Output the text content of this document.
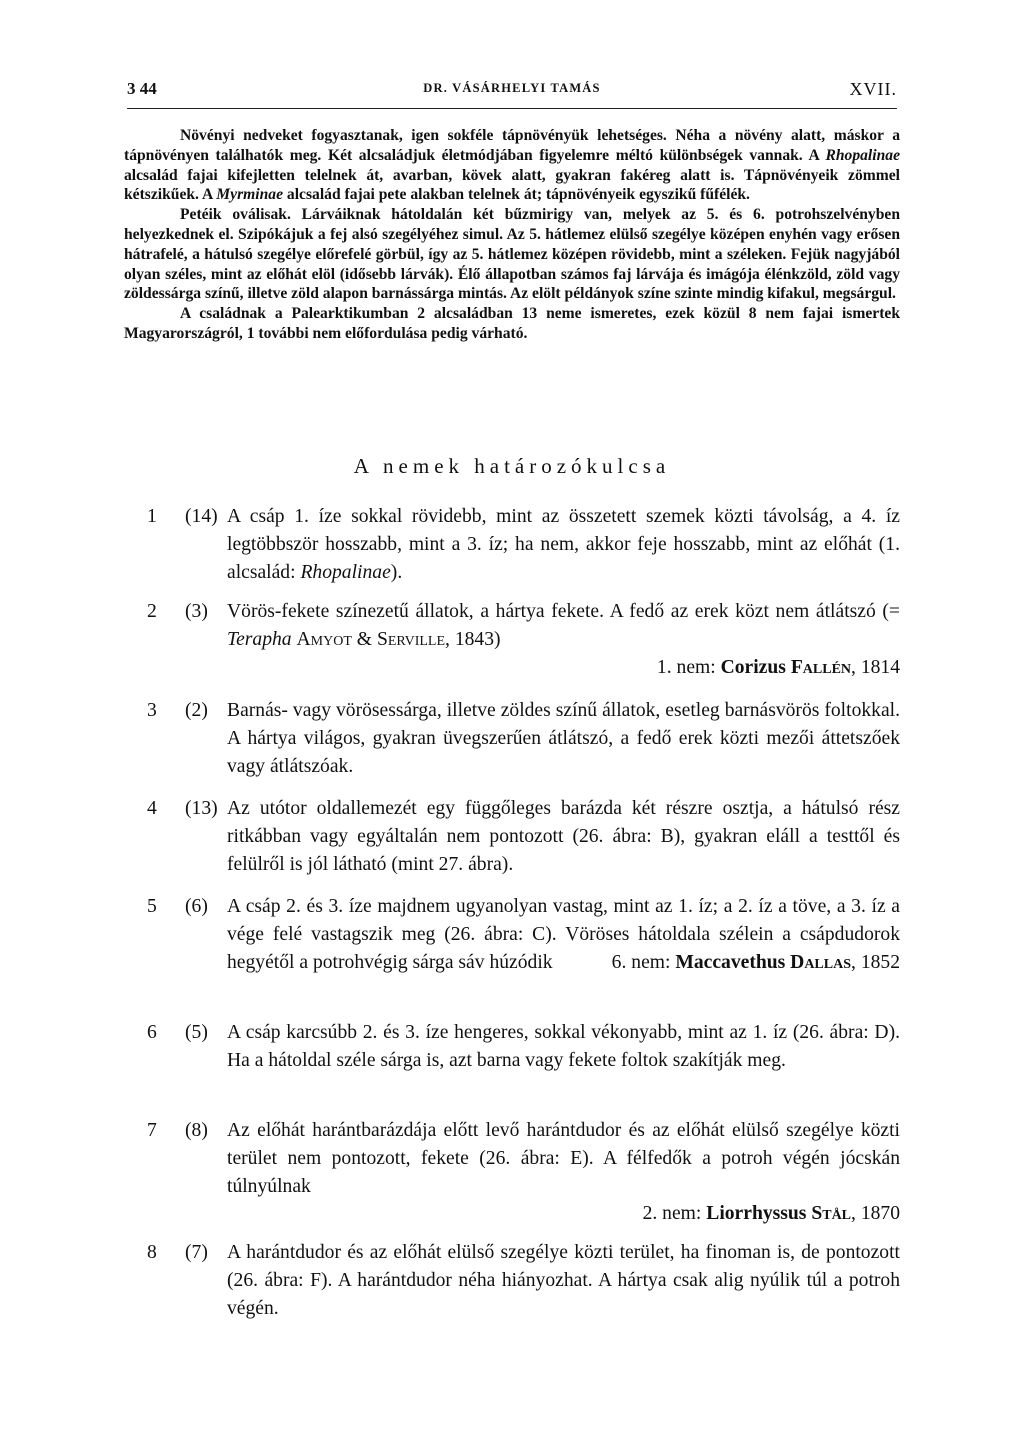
3 44	DR. VÁSÁRHELYI TAMÁS	XVII.

Növényi nedveket fogyasztanak, igen sokféle tápnövényük lehetséges. Néha a növény alatt, máskor a tápnövényen találhatók meg. Két alcsaládjuk életmódjában figyelemre méltó különbségek vannak. A Rhopalinae alcsalád fajai kifejletten telelnek át, avarban, kövek alatt, gyakran fakéreg alatt is. Tápnövényeik zömmel kétszikűek. A Myrminae alcsalád fajai pete alakban telelnek át; tápnövényeik egyszikű fűfélék.

Petéik oválisak. Lárváiknak hátoldalán két bűzmirigy van, melyek az 5. és 6. potrohszelvényben helyezkednek el. Szipókájuk a fej alsó szegélyéhez simul. Az 5. hátlemez elülső szegélye középen enyhén vagy erősen hátrafelé, a hátulsó szegélye előrefelé görbül, így az 5. hátlemez középen rövidebb, mint a széleken. Fejük nagyjából olyan széles, mint az előhát elöl (idősebb lárvák). Élő állapotban számos faj lárvája és imágója élénkzöld, zöld vagy zöldessárga színű, illetve zöld alapon barnássárga mintás. Az elölt példányok színe szinte mindig kifakul, megsárgul.

A családnak a Palearktikumban 2 alcsaládban 13 neme ismeretes, ezek közül 8 nem fajai ismertek Magyarországról, 1 további nem előfordulása pedig várható.

A nemek határozókulcsa
1 (14) A csáp 1. íze sokkal rövidebb, mint az összetett szemek közti távolság, a 4. íz legtöbbször hosszabb, mint a 3. íz; ha nem, akkor feje hosszabb, mint az előhát (1. alcsalád: Rhopalinae).
2 (3) Vörös-fekete színezetű állatok, a hártya fekete. A fedő az erek közt nem átlátszó (= Terapha Amyot & Serville, 1843)
1. nem: Corizus Fallén, 1814
3 (2) Barnás- vagy vörösessárga, illetve zöldes színű állatok, esetleg barnásvörös foltokkal. A hártya világos, gyakran üvegszerűen átlátszó, a fedő erek közti mezői áttetszőek vagy átlátszóak.
4 (13) Az utótor oldallemezét egy függőleges barázda két részre osztja, a hátulsó rész ritkábban vagy egyáltalán nem pontozott (26. ábra: B), gyakran eláll a testtől és felülről is jól látható (mint 27. ábra).
5 (6) A csáp 2. és 3. íze majdnem ugyanolyan vastag, mint az 1. íz; a 2. íz a töve, a 3. íz a vége felé vastagszik meg (26. ábra: C). Vöröses hátoldala szélein a csápdudorok hegyétől a potrohvégig sárga sáv húzódik	6. nem: Maccavethus Dallas, 1852
6 (5) A csáp karcsúbb 2. és 3. íze hengeres, sokkal vékonyabb, mint az 1. íz (26. ábra: D). Ha a hátoldal széle sárga is, azt barna vagy fekete foltok szakítják meg.
7 (8) Az előhát harántbarázdája előtt levő harántdudor és az előhát elülső szegélye közti terület nem pontozott, fekete (26. ábra: E). A félfedők a potroh végén jócskán túlnyúlnak
2. nem: Liorrhyssus Stål, 1870
8 (7) A harántdudor és az előhát elülső szegélye közti terület, ha finoman is, de pontozott (26. ábra: F). A harántdudor néha hiányozhat. A hártya csak alig nyúlik túl a potroh végén.
